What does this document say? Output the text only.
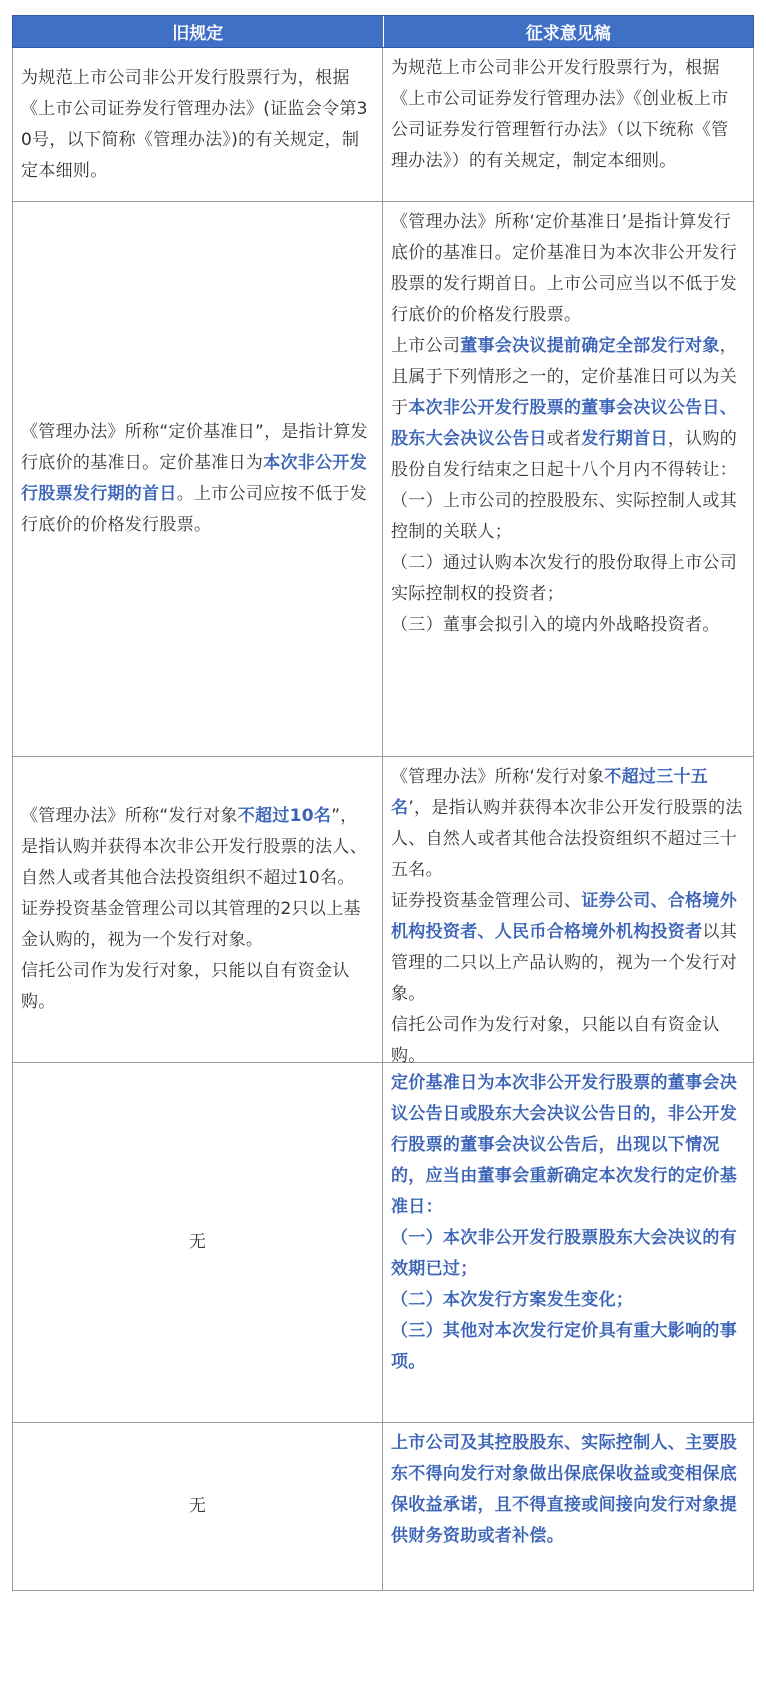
旧规定	征求意见稿

为规范上市公司非公开发行股票行为，根据《上市公司证券发行管理办法》(证监会令第30号，以下简称《管理办法》)的有关规定，制定本细则。

为规范上市公司非公开发行股票行为，根据《上市公司证券发行管理办法》《创业板上市公司证券发行管理暂行办法》（以下统称《管理办法》）的有关规定，制定本细则。

《管理办法》所称“定价基准日”，是指计算发行底价的基准日。定价基准日为本次非公开发行股票发行期的首日。上市公司应按不低于发行底价的价格发行股票。

《管理办法》所称‘定价基准日’是指计算发行底价的基准日。定价基准日为本次非公开发行股票的发行期首日。上市公司应当以不低于发行底价的价格发行股票。

上市公司董事会决议提前确定全部发行对象，且属于下列情形之一的，定价基准日可以为关于本次非公开发行股票的董事会决议公告日、股东大会决议公告日或者发行期首日，认购的股份自发行结束之日起十八个月内不得转让：

（一）上市公司的控股股东、实际控制人或其控制的关联人；

（二）通过认购本次发行的股份取得上市公司实际控制权的投资者；

（三）董事会拟引入的境内外战略投资者。

《管理办法》所称“发行对象不超过10名”，是指认购并获得本次非公开发行股票的法人、自然人或者其他合法投资组织不超过10名。

证券投资基金管理公司以其管理的2只以上基金认购的，视为一个发行对象。

信托公司作为发行对象，只能以自有资金认购。

《管理办法》所称‘发行对象不超过三十五名’，是指认购并获得本次非公开发行股票的法人、自然人或者其他合法投资组织不超过三十五名。

证券投资基金管理公司、证券公司、合格境外机构投资者、人民币合格境外机构投资者以其管理的二只以上产品认购的，视为一个发行对象。

信托公司作为发行对象，只能以自有资金认购。

无

定价基准日为本次非公开发行股票的董事会决议公告日或股东大会决议公告日的，非公开发行股票的董事会决议公告后，出现以下情况的，应当由董事会重新确定本次发行的定价基准日：

（一）本次非公开发行股票股东大会决议的有效期已过；

（二）本次发行方案发生变化；

（三）其他对本次发行定价具有重大影响的事项。

无

上市公司及其控股股东、实际控制人、主要股东不得向发行对象做出保底保收益或变相保底保收益承诺，且不得直接或间接向发行对象提供财务资助或者补偿。
